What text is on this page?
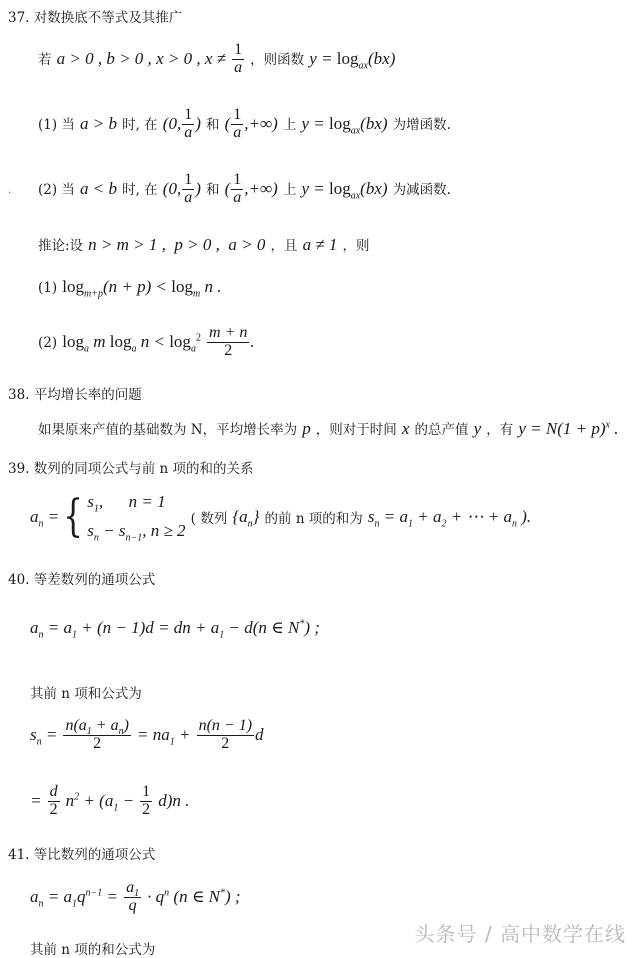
37. 对数换底不等式及其推广
若 a > 0 , b > 0 , x > 0 , $x \ne \frac{1}{a}$ ，则函数 $y = \log_{ax}(bx)$
(1) 当 a > b 时, 在 (0, $\frac{1}{a}$ ) 和 ( $\frac{1}{a}$ ,+∞) 上 $y = \log_{ax}(bx)$ 为增函数.
· (2) 当 a < b 时, 在 (0, $\frac{1}{a}$ ) 和 ( $\frac{1}{a}$ ,+∞) 上 $y = \log_{ax}(bx)$ 为减函数.
推论:设 n > m > 1 ,  p > 0 ,  a > 0 ，且 a ≠ 1 ，则
(1) $\log_{m+p}(n + p) < \log_m n$ .
(2) $\log_a m$ $\log_a n < \log_a^2 \frac{m + n}{2}$ .
38. 平均增长率的问题
如果原来产值的基础数为 N，平均增长率为 p ，则对于时间 x 的总产值 y ，有 $y = N(1 + p)^x$ .
39. 数列的同项公式与前 n 项的和的关系
$a_n$ ={ $s_1$,      n = 1
$s_n - s_{n-1}$, n ≥ 2
( 数列 $\{a_n\}$ 的前 n 项的和为 $s_n = a_1 + a_2$ + ⋯ + $a_n$ ).
40. 等差数列的通项公式
$a_n = a_1 + (n - 1)d$ = dn + $a_1 - d(n$ ∈ N*) ;
其前 n 项和公式为
$s_n = \frac{n(a_1 + a_n)}{2} = na_1 + \frac{n(n - 1)}{2}$ d
= $\frac{d}{2} n^2 + (a_1 - \frac{1}{2} d)n$ .
41. 等比数列的通项公式
$a_n = a_1q^{n-1} = \frac{a_1}{q} \cdot q^n$ (n ∈ N*) ;
其前 n 项的和公式为
头条号 / 高中数学在线
